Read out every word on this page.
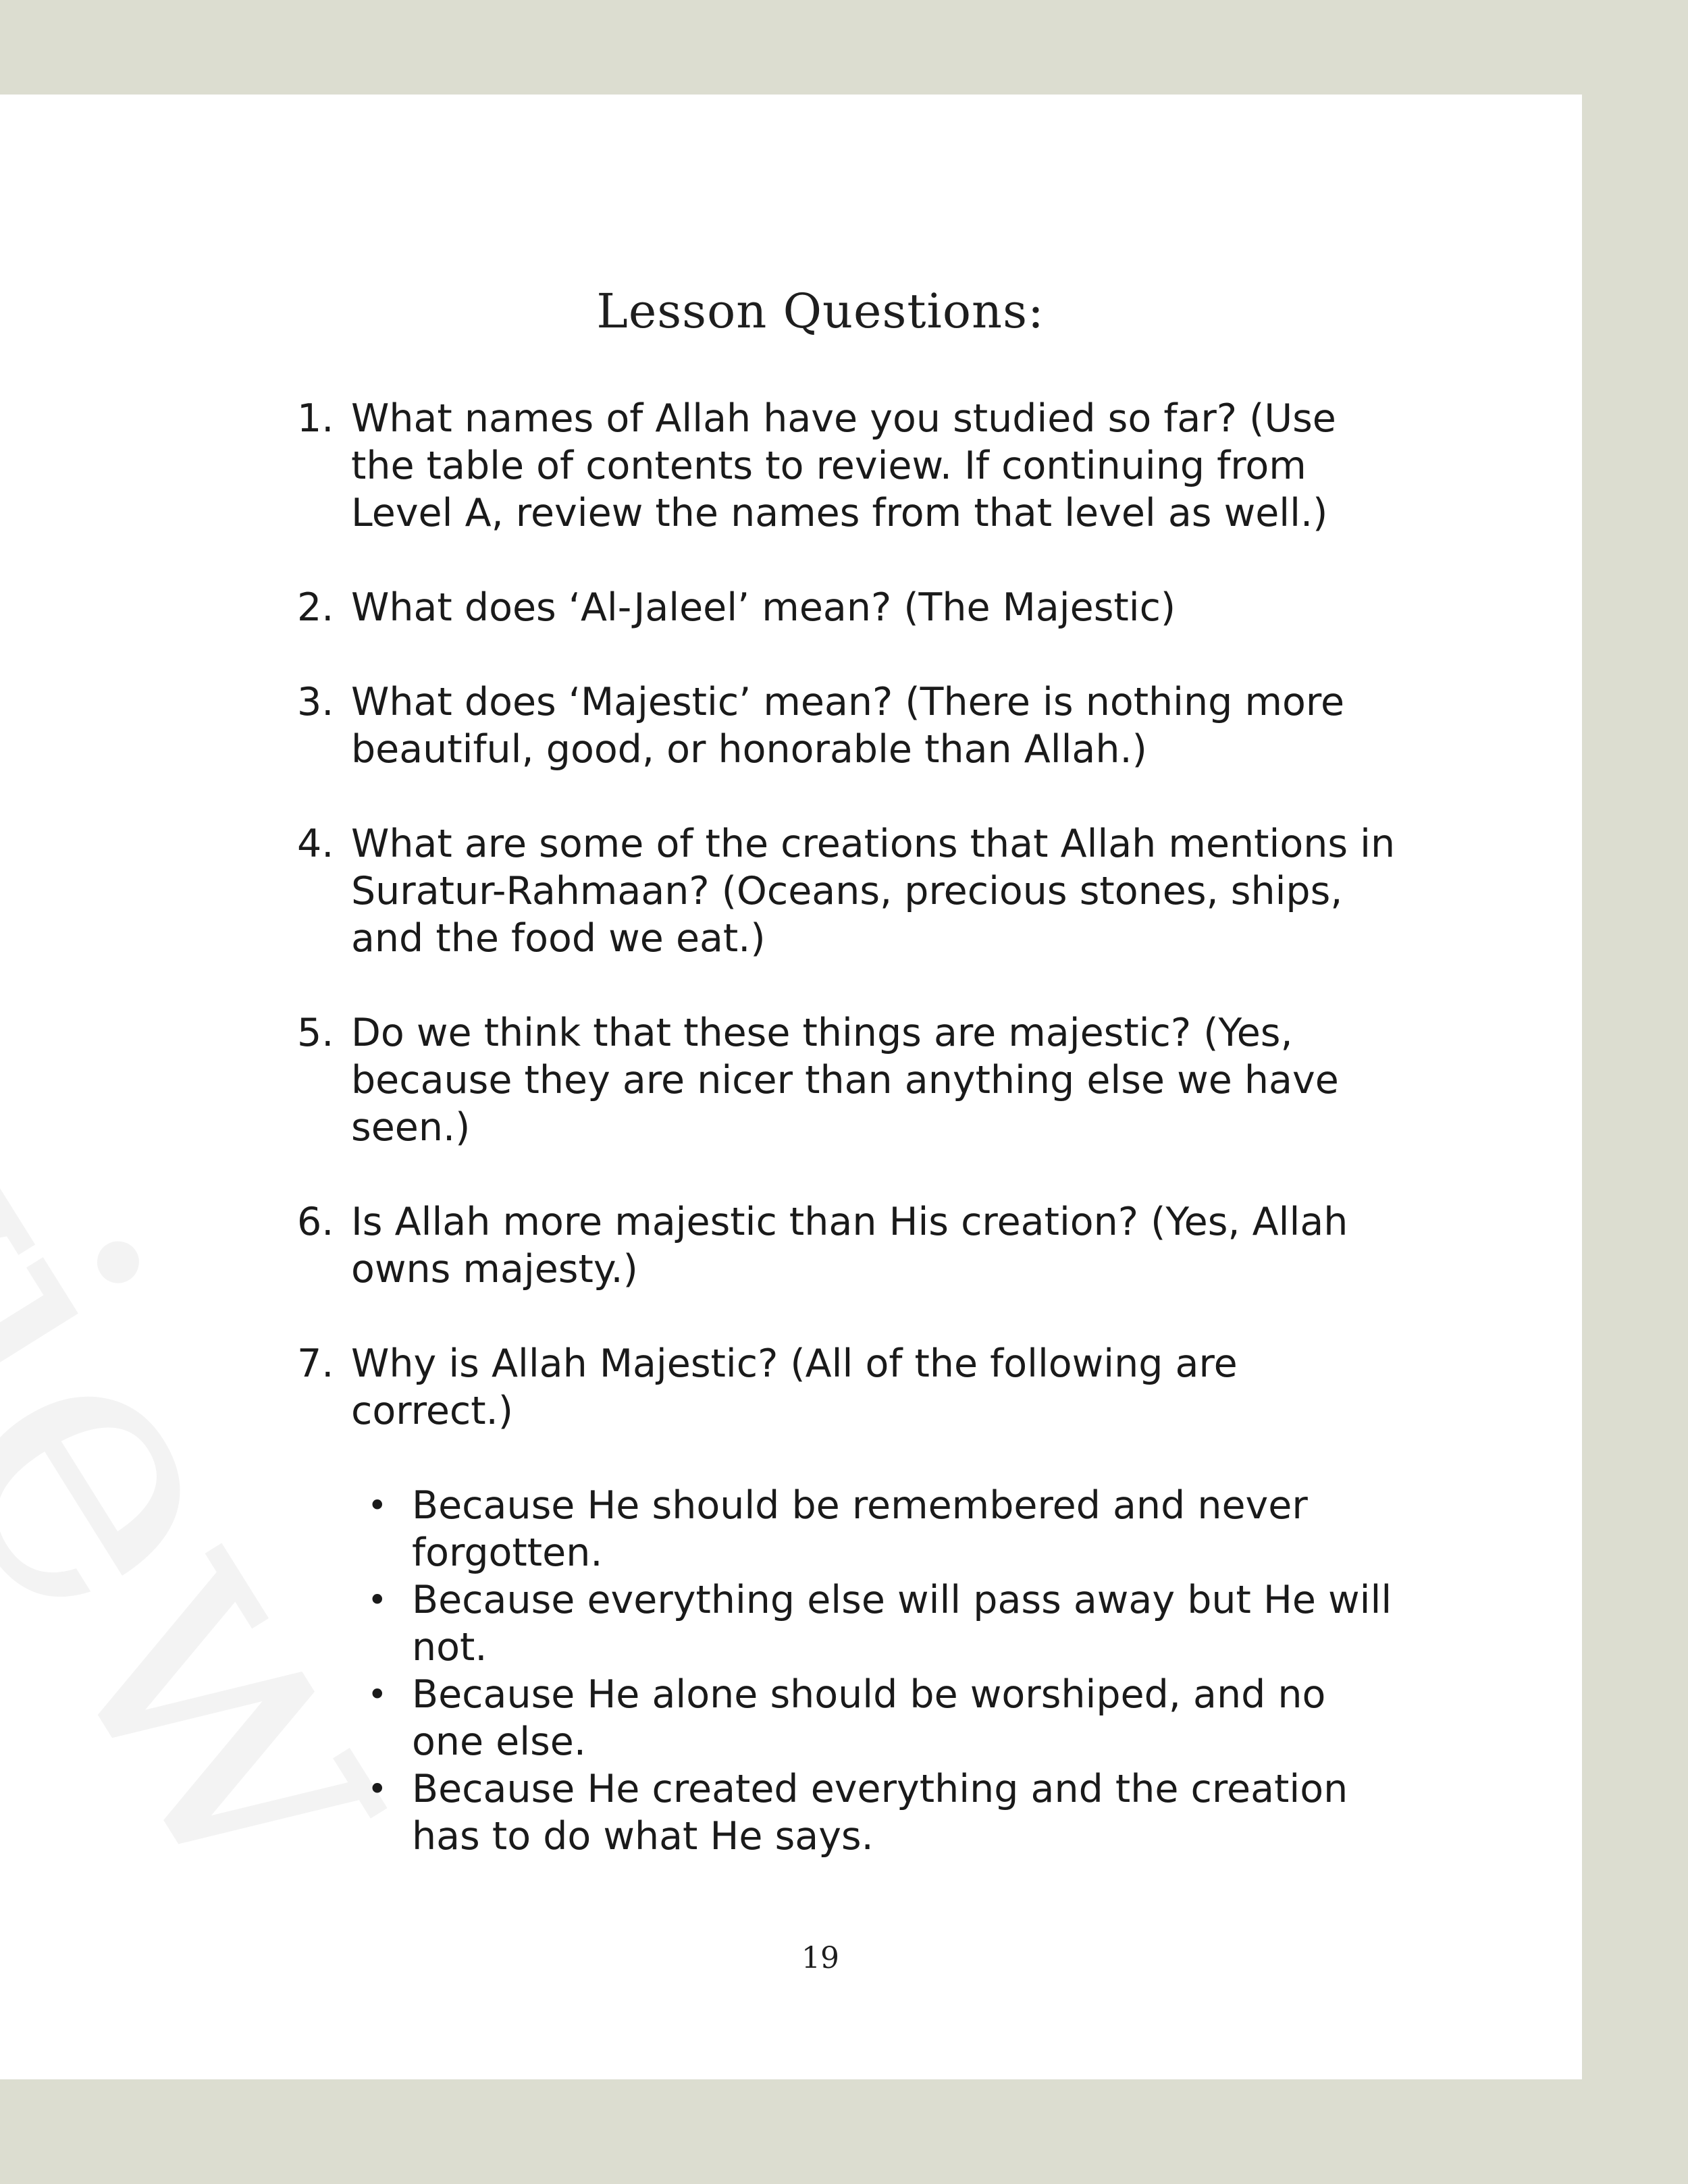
Lesson Questions:
1. What names of Allah have you studied so far? (Use the table of contents to review. If continuing from Level A, review the names from that level as well.)
2. What does ‘Al-Jaleel’ mean? (The Majestic)
3. What does ‘Majestic’ mean? (There is nothing more beautiful, good, or honorable than Allah.)
4. What are some of the creations that Allah mentions in Suratur-Rahmaan? (Oceans, precious stones, ships, and the food we eat.)
5. Do we think that these things are majestic? (Yes, because they are nicer than anything else we have seen.)
6. Is Allah more majestic than His creation? (Yes, Allah owns majesty.)
7. Why is Allah Majestic? (All of the following are correct.)
• Because He should be remembered and never forgotten.
• Because everything else will pass away but He will not.
• Because He alone should be worshiped, and no one else.
• Because He created everything and the creation has to do what He says.
19
